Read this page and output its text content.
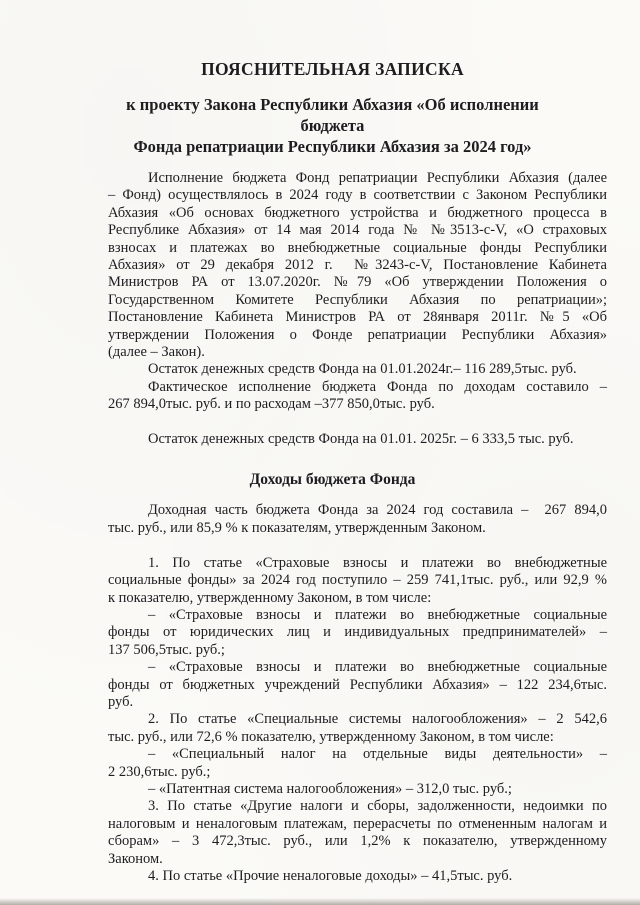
ПОЯСНИТЕЛЬНАЯ ЗАПИСКА
к проекту Закона Республики Абхазия «Об исполнении бюджета
Фонда репатриации Республики Абхазия за 2024 год»
Исполнение бюджета Фонд репатриации Республики Абхазия (далее
– Фонд) осуществлялось в 2024 году в соответствии с Законом Республики
Абхазия «Об основах бюджетного устройства и бюджетного процесса в
Республике Абхазия» от 14 мая 2014 года № №3513-с-V, «О страховых
взносах и платежах во внебюджетные социальные фонды Республики
Абхазия» от 29 декабря 2012 г.  №3243-с-V, Постановление Кабинета
Министров РА от 13.07.2020г. №79 «Об утверждении Положения о
Государственном Комитете Республики Абхазия по репатриации»;
Постановление Кабинета Министров РА от 28января 2011г. №5 «Об
утверждении Положения о Фонде репатриации Республики Абхазия»
(далее – Закон).
Остаток денежных средств Фонда на 01.01.2024г.– 116 289,5тыс. руб.
Фактическое исполнение бюджета Фонда по доходам составило –
267 894,0тыс. руб. и по расходам –377 850,0тыс. руб.
Остаток денежных средств Фонда на 01.01. 2025г. – 6 333,5 тыс. руб.
Доходы бюджета Фонда
Доходная часть бюджета Фонда за 2024 год составила –  267 894,0
тыс. руб., или 85,9 % к показателям, утвержденным Законом.
1. По статье «Страховые взносы и платежи во внебюджетные
социальные фонды» за 2024 год поступило – 259 741,1тыс. руб., или 92,9 %
к показателю, утвержденному Законом, в том числе:
– «Страховые взносы и платежи во внебюджетные социальные
фонды от юридических лиц и индивидуальных предпринимателей» –
137 506,5тыс. руб.;
– «Страховые взносы и платежи во внебюджетные социальные
фонды от бюджетных учреждений Республики Абхазия» – 122 234,6тыс.
руб.
2. По статье «Специальные системы налогообложения» – 2 542,6
тыс. руб., или 72,6 % показателю, утвержденному Законом, в том числе:
– «Специальный налог на отдельные виды деятельности» –
2 230,6тыс. руб.;
– «Патентная система налогообложения» – 312,0 тыс. руб.;
3. По статье «Другие налоги и сборы, задолженности, недоимки по
налоговым и неналоговым платежам, перерасчеты по отмененным налогам и
сборам» – 3 472,3тыс. руб., или 1,2% к показателю, утвержденному
Законом.
4. По статье «Прочие неналоговые доходы» – 41,5тыс. руб.
